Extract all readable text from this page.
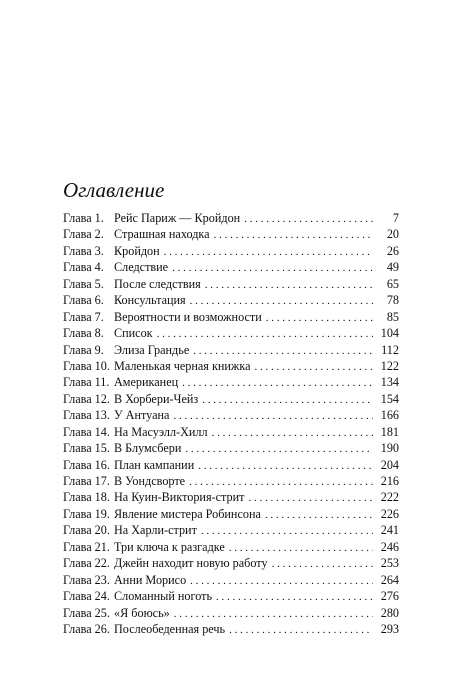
Оглавление
Глава 1. Рейс Париж — Кройдон . . .	7
Глава 2. Страшная находка . . .	20
Глава 3. Кройдон . . .	26
Глава 4. Следствие . . .	49
Глава 5. После следствия . . .	65
Глава 6. Консультация . . .	78
Глава 7. Вероятности и возможности . . .	85
Глава 8. Список . . .	104
Глава 9. Элиза Грандье . . .	112
Глава 10. Маленькая черная книжка . . .	122
Глава 11. Американец . . .	134
Глава 12. В Хорбери-Чейз . . .	154
Глава 13. У Антуана . . .	166
Глава 14. На Масуэлл-Хилл . . .	181
Глава 15. В Блумсбери . . .	190
Глава 16. План кампании . . .	204
Глава 17. В Уондсворте . . .	216
Глава 18. На Куин-Виктория-стрит . . .	222
Глава 19. Явление мистера Робинсона . . .	226
Глава 20. На Харли-стрит . . .	241
Глава 21. Три ключа к разгадке . . .	246
Глава 22. Джейн находит новую работу . . .	253
Глава 23. Анни Морисо . . .	264
Глава 24. Сломанный ноготь . . .	276
Глава 25. «Я боюсь» . . .	280
Глава 26. Послеобеденная речь . . .	293
